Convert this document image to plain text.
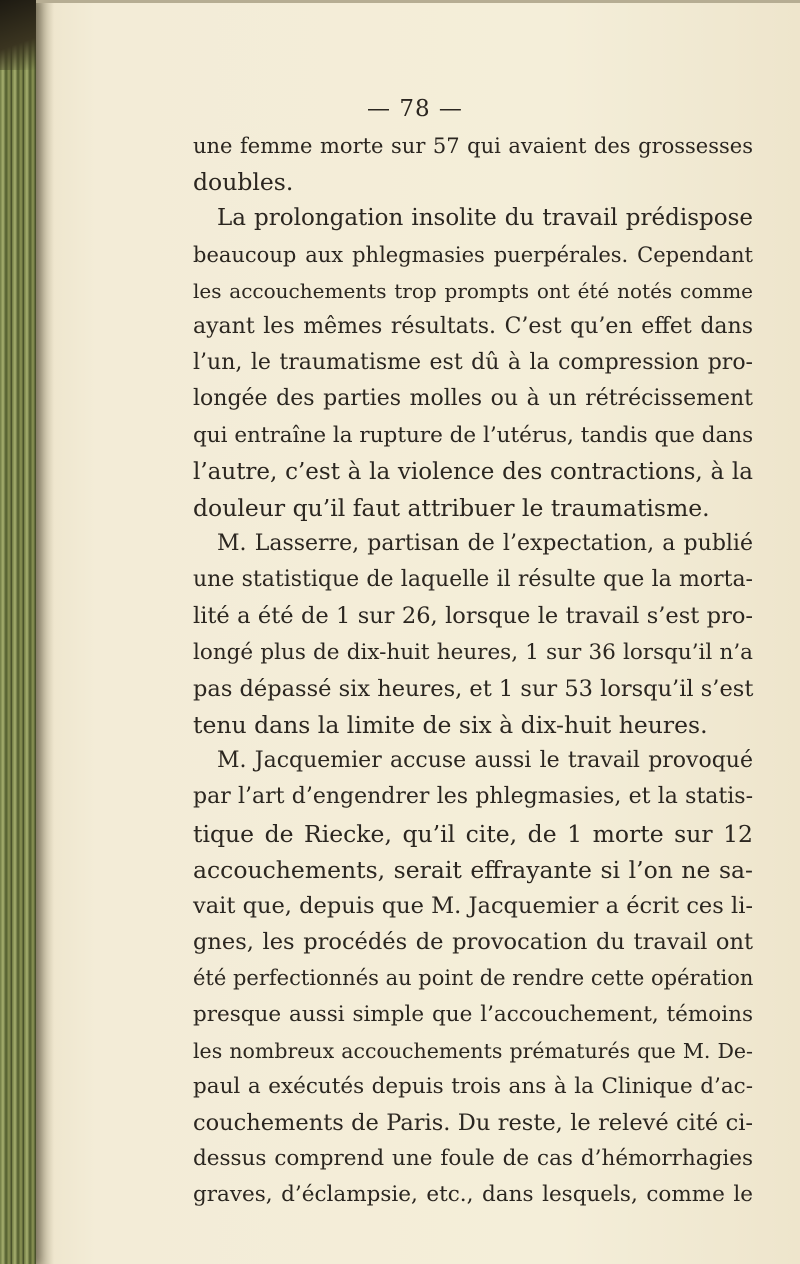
— 78 —
une femme morte sur 57 qui avaient des grossesses
doubles.
La prolongation insolite du travail prédispose
beaucoup aux phlegmasies puerpérales. Cependant
les accouchements trop prompts ont été notés comme
ayant les mêmes résultats. C’est qu’en effet dans
l’un, le traumatisme est dû à la compression pro-
longée des parties molles ou à un rétrécissement
qui entraîne la rupture de l’utérus, tandis que dans
l’autre, c’est à la violence des contractions, à la
douleur qu’il faut attribuer le traumatisme.
M. Lasserre, partisan de l’expectation, a publié
une statistique de laquelle il résulte que la morta-
lité a été de 1 sur 26, lorsque le travail s’est pro-
longé plus de dix-huit heures, 1 sur 36 lorsqu’il n’a
pas dépassé six heures, et 1 sur 53 lorsqu’il s’est
tenu dans la limite de six à dix-huit heures.
M. Jacquemier accuse aussi le travail provoqué
par l’art d’engendrer les phlegmasies, et la statis-
tique de Riecke, qu’il cite, de 1 morte sur 12
accouchements, serait effrayante si l’on ne sa-
vait que, depuis que M. Jacquemier a écrit ces li-
gnes, les procédés de provocation du travail ont
été perfectionnés au point de rendre cette opération
presque aussi simple que l’accouchement, témoins
les nombreux accouchements prématurés que M. De-
paul a exécutés depuis trois ans à la Clinique d’ac-
couchements de Paris. Du reste, le relevé cité ci-
dessus comprend une foule de cas d’hémorrhagies
graves, d’éclampsie, etc., dans lesquels, comme le
